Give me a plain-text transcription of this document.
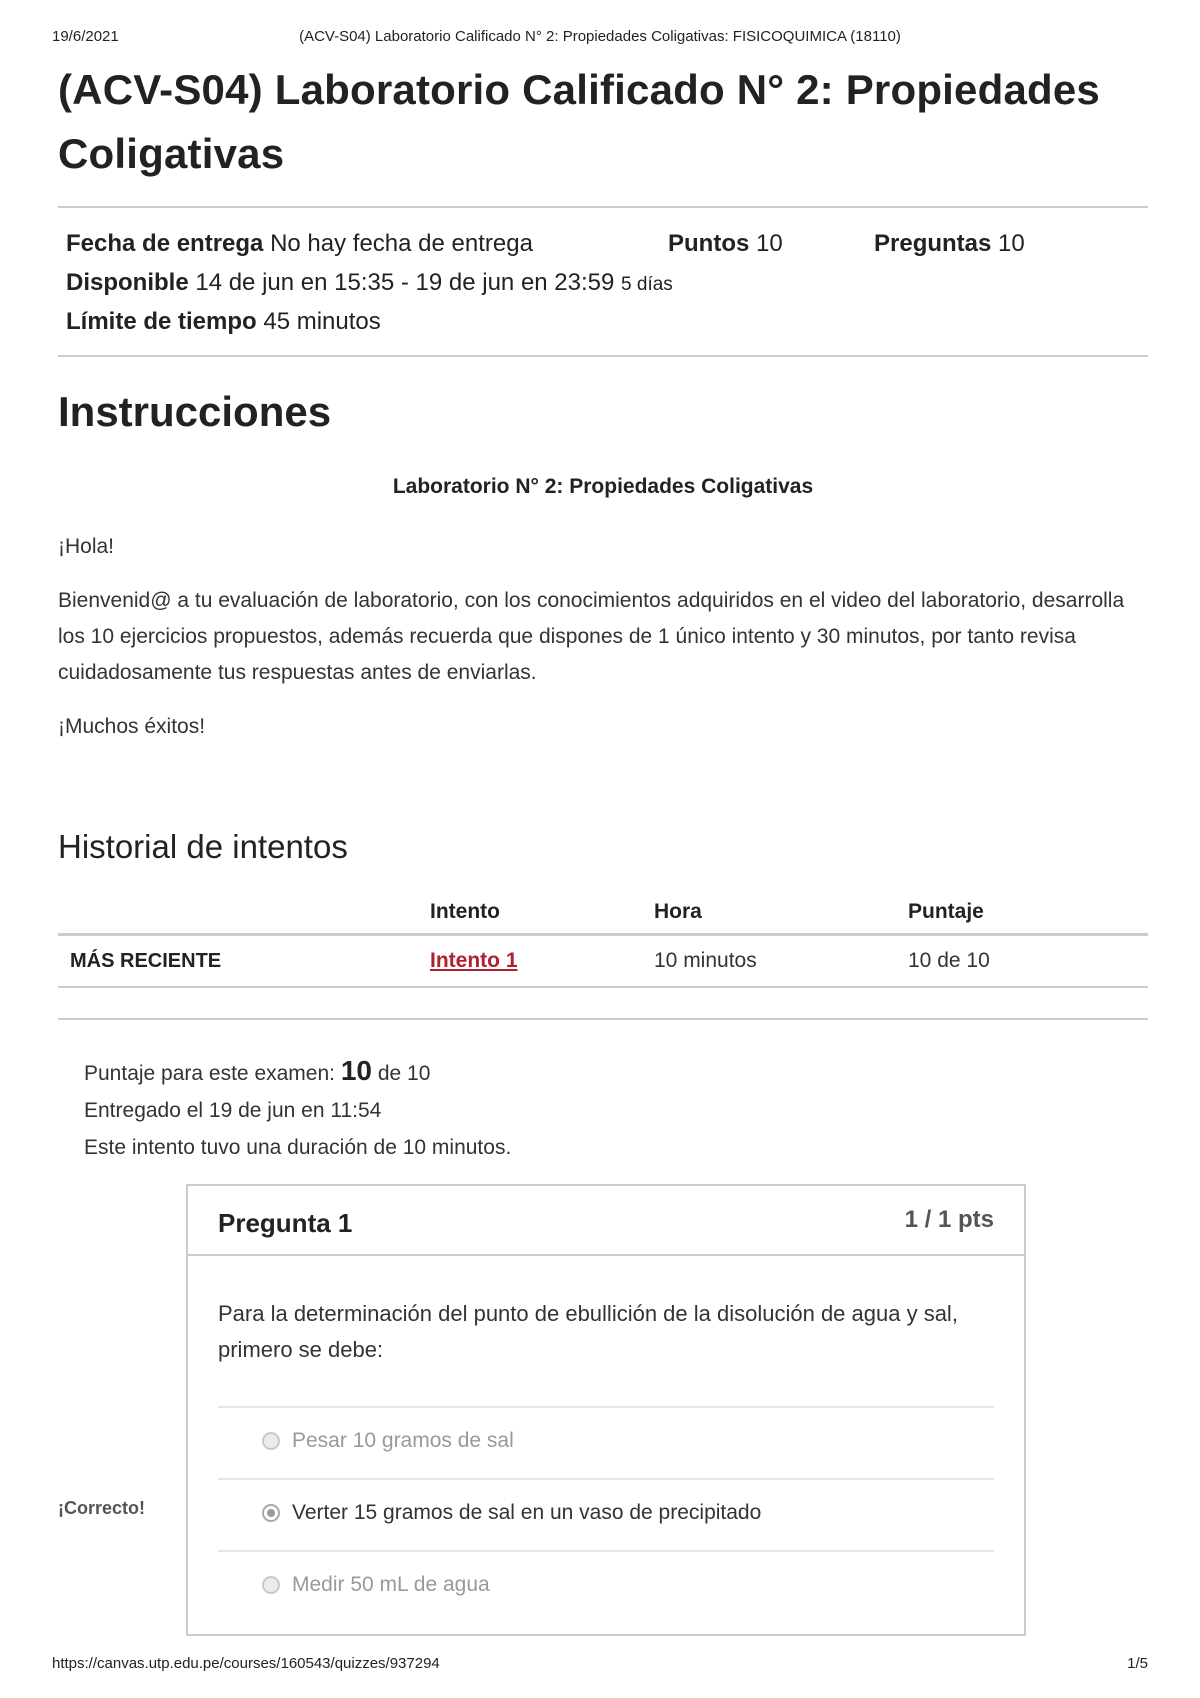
19/6/2021	(ACV-S04) Laboratorio Calificado N° 2: Propiedades Coligativas: FISICOQUIMICA (18110)
(ACV-S04) Laboratorio Calificado N° 2: Propiedades
Coligativas
Fecha de entrega No hay fecha de entrega	Puntos 10	Preguntas 10
Disponible 14 de jun en 15:35 - 19 de jun en 23:59 5 días
Límite de tiempo 45 minutos
Instrucciones
Laboratorio N° 2: Propiedades Coligativas

¡Hola!

Bienvenid@ a tu evaluación de laboratorio, con los conocimientos adquiridos en el video del laboratorio, desarrolla los 10 ejercicios propuestos, además recuerda que dispones de 1 único intento y 30 minutos, por tanto revisa cuidadosamente tus respuestas antes de enviarlas.

¡Muchos éxitos!

Historial de intentos
	Intento	Hora	Puntaje
MÁS RECIENTE	Intento 1	10 minutos	10 de 10
Puntaje para este examen: 10 de 10
Entregado el 19 de jun en 11:54
Este intento tuvo una duración de 10 minutos.
¡Correcto!
Pregunta 1	1 / 1 pts
Para la determinación del punto de ebullición de la disolución de agua y sal, primero se debe:
Pesar 10 gramos de sal
Verter 15 gramos de sal en un vaso de precipitado
Medir 50 mL de agua
https://canvas.utp.edu.pe/courses/160543/quizzes/937294	1/5
